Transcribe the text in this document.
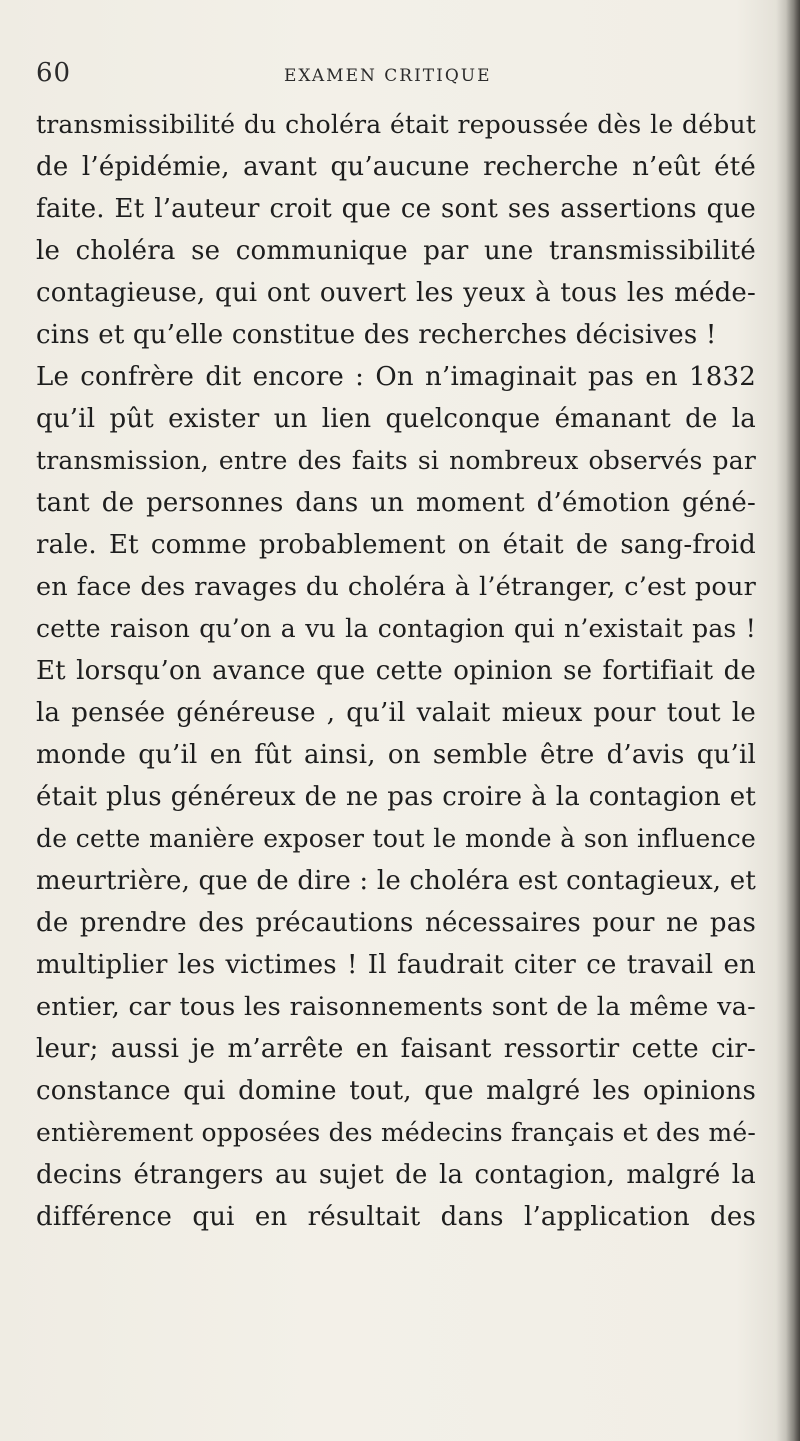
60	EXAMEN CRITIQUE
transmissibilité du choléra était repoussée dès le début
de l’épidémie, avant qu’aucune recherche n’eût été
faite. Et l’auteur croit que ce sont ses assertions que
le choléra se communique par une transmissibilité
contagieuse, qui ont ouvert les yeux à tous les méde-
cins et qu’elle constitue des recherches décisives !
Le confrère dit encore : On n’imaginait pas en 1832
qu’il pût exister un lien quelconque émanant de la
transmission, entre des faits si nombreux observés par
tant de personnes dans un moment d’émotion géné-
rale. Et comme probablement on était de sang-froid
en face des ravages du choléra à l’étranger, c’est pour
cette raison qu’on a vu la contagion qui n’existait pas !
Et lorsqu’on avance que cette opinion se fortifiait de
la pensée généreuse , qu’il valait mieux pour tout le
monde qu’il en fût ainsi, on semble être d’avis qu’il
était plus généreux de ne pas croire à la contagion et
de cette manière exposer tout le monde à son influence
meurtrière, que de dire : le choléra est contagieux, et
de prendre des précautions nécessaires pour ne pas
multiplier les victimes ! Il faudrait citer ce travail en
entier, car tous les raisonnements sont de la même va-
leur; aussi je m’arrête en faisant ressortir cette cir-
constance qui domine tout, que malgré les opinions
entièrement opposées des médecins français et des mé-
decins étrangers au sujet de la contagion, malgré la
différence qui en résultait dans l’application des
